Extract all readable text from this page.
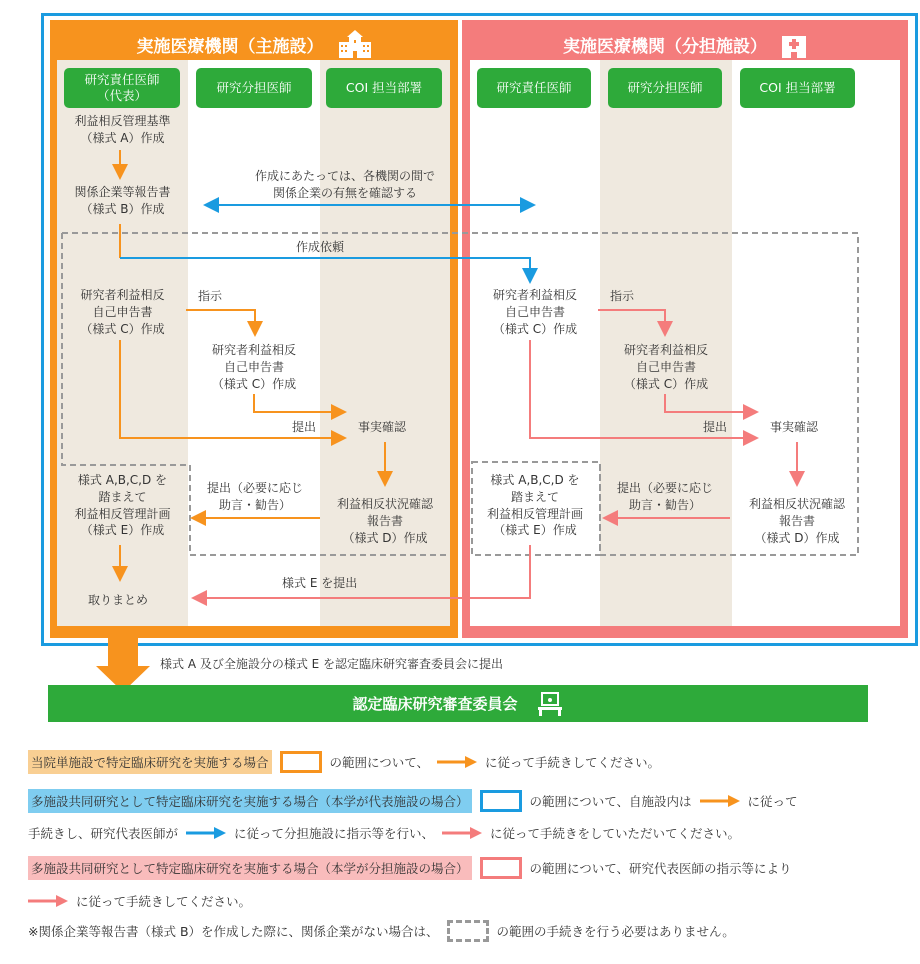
実施医療機関（主施設）	実施医療機関（分担施設）
研究責任医師
（代表）
研究分担医師	COI 担当部署	研究責任医師	研究分担医師	COI 担当部署
利益相反管理基準
（様式 A）作成
関係企業等報告書
（様式 B）作成
作成にあたっては、各機関の間で
関係企業の有無を確認する
作成依頼
研究者利益相反
自己申告書
（様式 C）作成
指示
研究者利益相反
自己申告書
（様式 C）作成
提出	事実確認
利益相反状況確認
報告書
（様式 D）作成
提出（必要に応じ
助言・勧告）
様式 A,B,C,D を
踏まえて
利益相反管理計画
（様式 E）作成
取りまとめ
様式 E を提出
研究者利益相反
自己申告書
（様式 C）作成
指示
研究者利益相反
自己申告書
（様式 C）作成
提出	事実確認
利益相反状況確認
報告書
（様式 D）作成
提出（必要に応じ
助言・勧告）
様式 A,B,C,D を
踏まえて
利益相反管理計画
（様式 E）作成
様式 A 及び全施設分の様式 E を認定臨床研究審査委員会に提出
認定臨床研究審査委員会
当院単施設で特定臨床研究を実施する場合	の範囲について、	に従って手続きしてください。
多施設共同研究として特定臨床研究を実施する場合（本学が代表施設の場合）	の範囲について、自施設内は	に従って
手続きし、研究代表医師が	に従って分担施設に指示等を行い、	に従って手続きをしていただいてください。
多施設共同研究として特定臨床研究を実施する場合（本学が分担施設の場合）	の範囲について、研究代表医師の指示等により
に従って手続きしてください。
※関係企業等報告書（様式 B）を作成した際に、関係企業がない場合は、	の範囲の手続きを行う必要はありません。
